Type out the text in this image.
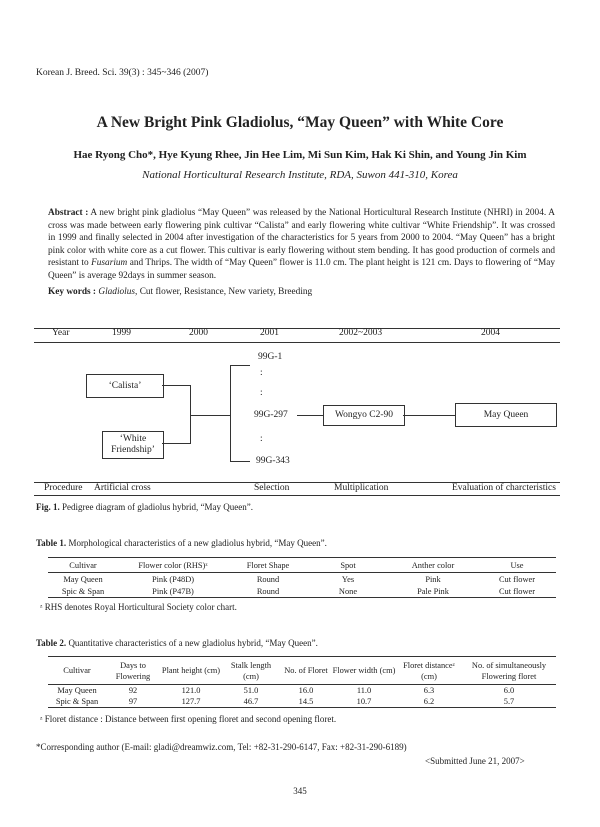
Korean J. Breed. Sci. 39(3) : 345~346 (2007)
A New Bright Pink Gladiolus, “May Queen” with White Core
Hae Ryong Cho*, Hye Kyung Rhee, Jin Hee Lim, Mi Sun Kim, Hak Ki Shin, and Young Jin Kim
National Horticultural Research Institute, RDA, Suwon 441-310, Korea
Abstract : A new bright pink gladiolus “May Queen” was released by the National Horticultural Research Institute (NHRI) in 2004. A cross was made between early flowering pink cultivar “Calista” and early flowering white cultivar “White Friendship”. It was crossed in 1999 and finally selected in 2004 after investigation of the characteristics for 5 years from 2000 to 2004. “May Queen” has a bright pink color with white core as a cut flower. This cultivar is early flowering without stem bending. It has good production of cormels and resistant to Fusarium and Thrips. The width of “May Queen” flower is 11.0 cm. The plant height is 121 cm. Days to flowering of “May Queen” is average 92days in summer season.
Key words : Gladiolus, Cut flower, Resistance, New variety, Breeding
Year	1999	2000	2001	2002~2003	2004
‘Calista’
‘White Friendship’
99G-1
:
:
99G-297
:
99G-343
Wongyo C2-90	May Queen
Procedure Artificial cross	Selection	Multiplication	Evaluation of charcteristics
Fig. 1. Pedigree diagram of gladiolus hybrid, “May Queen”.
Table 1. Morphological characteristics of a new gladiolus hybrid, “May Queen”.
Cultivar	Flower color (RHS)ᶻ	Floret Shape	Spot	Anther color	Use
May Queen	Pink (P48D)	Round	Yes	Pink	Cut flower
Spic & Span	Pink (P47B)	Round	None	Pale Pink	Cut flower
ᶻ RHS denotes Royal Horticultural Society color chart.
Table 2. Quantitative characteristics of a new gladiolus hybrid, “May Queen”.
Cultivar	Days to Flowering	Plant height (cm)	Stalk length (cm)	No. of Floret	Flower width (cm)	Floret distanceᶻ (cm)	No. of simultaneously Flowering floret
May Queen	92	121.0	51.0	16.0	11.0	6.3	6.0
Spic & Span	97	127.7	46.7	14.5	10.7	6.2	5.7
ᶻ Floret distance : Distance between first opening floret and second opening floret.
*Corresponding author (E-mail: gladi@dreamwiz.com, Tel: +82-31-290-6147, Fax: +82-31-290-6189)
<Submitted June 21, 2007>
345
